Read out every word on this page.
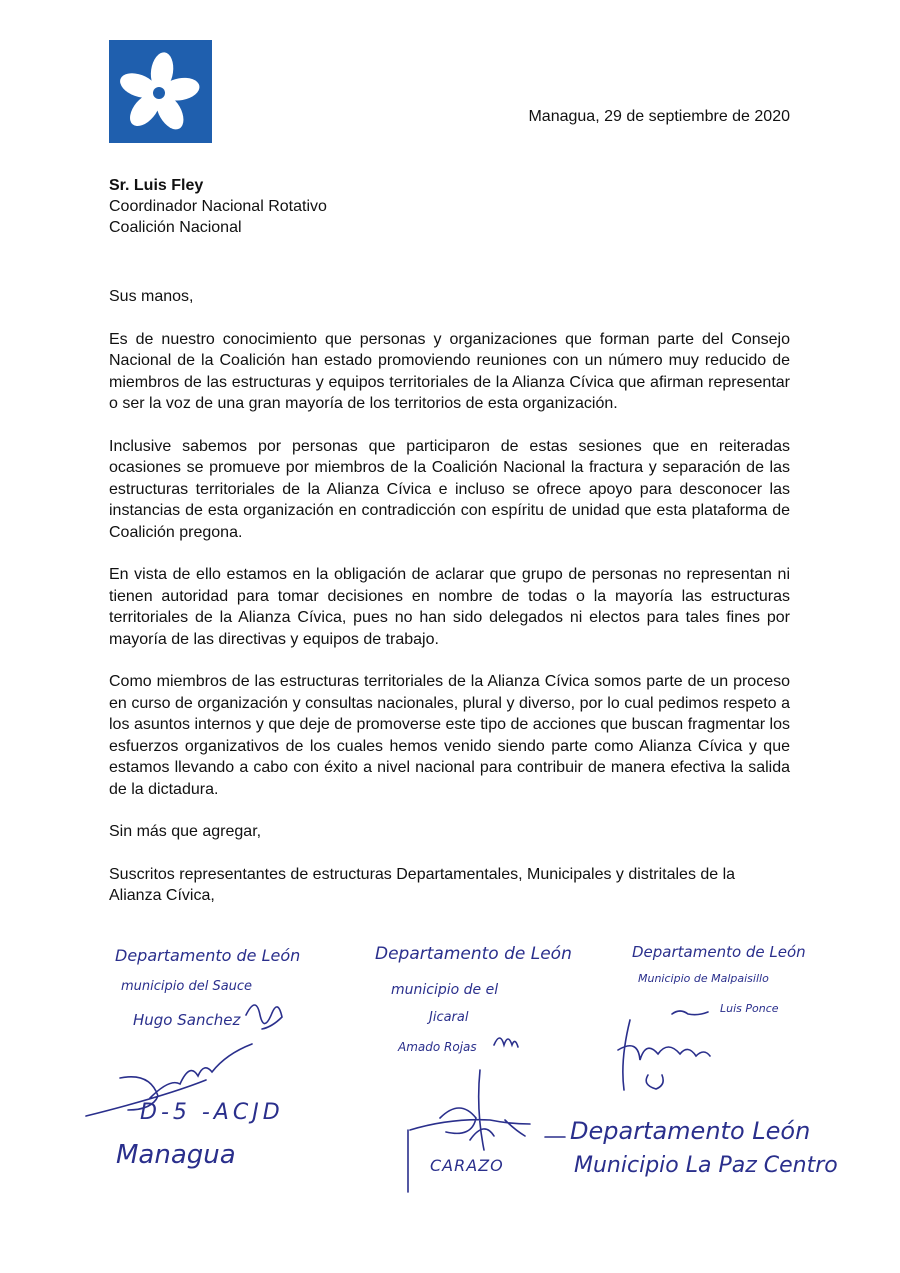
Managua, 29 de septiembre de 2020
Sr. Luis Fley
Coordinador Nacional Rotativo
Coalición Nacional

Sus manos,

Es de nuestro conocimiento que personas y organizaciones que forman parte del Consejo Nacional de la Coalición han estado promoviendo reuniones con un número muy reducido de miembros de las estructuras y equipos territoriales de la Alianza Cívica que afirman representar o ser la voz de una gran mayoría de los territorios de esta organización.

Inclusive sabemos por personas que participaron de estas sesiones que en reiteradas ocasiones se promueve por miembros de la Coalición Nacional la fractura y separación de las estructuras territoriales de la Alianza Cívica e incluso se ofrece apoyo para desconocer las instancias de esta organización en contradicción con espíritu de unidad que esta plataforma de Coalición pregona.

En vista de ello estamos en la obligación de aclarar que grupo de personas no representan ni tienen autoridad para tomar decisiones en nombre de todas o la mayoría las estructuras territoriales de la Alianza Cívica, pues no han sido delegados ni electos para tales fines por mayoría de las directivas y equipos de trabajo.

Como miembros de las estructuras territoriales de la Alianza Cívica somos parte de un proceso en curso de organización y consultas nacionales, plural y diverso, por lo cual pedimos respeto a los asuntos internos y que deje de promoverse este tipo de acciones que buscan fragmentar los esfuerzos organizativos de los cuales hemos venido siendo parte como Alianza Cívica y que estamos llevando a cabo con éxito a nivel nacional para contribuir de manera efectiva la salida de la dictadura.

Sin más que agregar,

Suscritos representantes de estructuras Departamentales, Municipales y distritales de la Alianza Cívica,

Departamento de León
municipio del Sauce
Hugo Sanchez
Departamento de León
municipio de el
Jicaral
Amado Rojas
Departamento de León
Municipio de Malpaisillo
Luis Ponce
D-5 -ACJD
Managua	CARAZO
Departamento León
Municipio La Paz Centro
